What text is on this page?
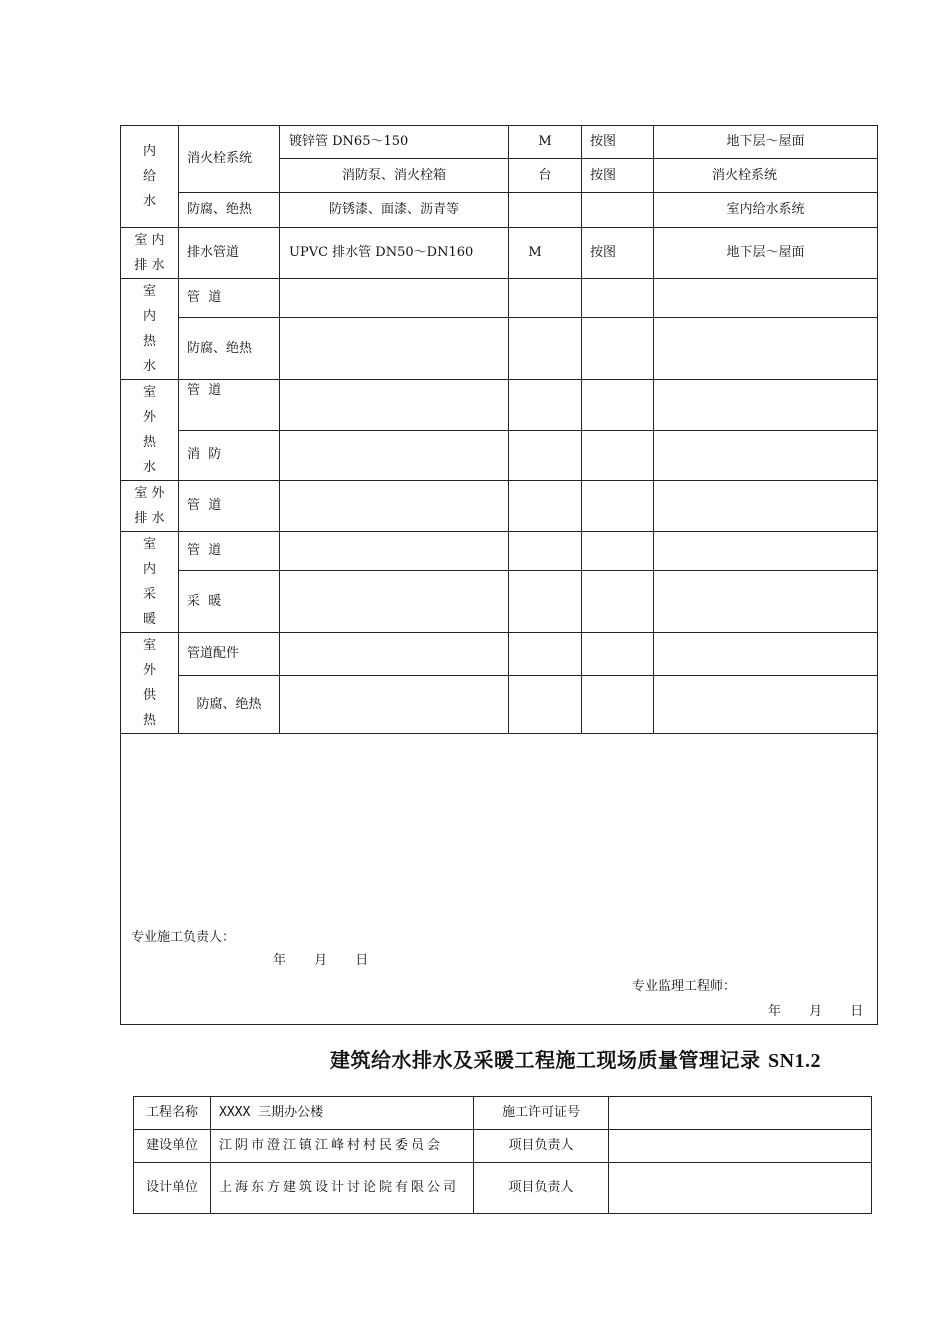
内
给
水	消火栓系统	镀锌管 DN65～150	M	按图	地下层～屋面
		消防泵、消火栓箱	台	按图	消火栓系统
	防腐、绝热	防锈漆、面漆、沥青等			室内给水系统
室 内
排 水	排水管道	UPVC 排水管 DN50～DN160	M	按图	地下层～屋面
室
内
热
水	管  道				
	防腐、绝热				
室
外
热
水	管  道				
	消  防				
室 外
排 水	管  道				
室
内
采
暖	管  道				
	采  暖				
室
外
供
热	管道配件				
	防腐、绝热				

专业施工负责人：
年 月 日
专业监理工程师：
年 月 日					
建筑给水排水及采暖工程施工现场质量管理记录 SN1.2
工程名称	XXXX 三期办公楼	施工许可证号	
建设单位	江阴市澄江镇江峰村村民委员会	项目负责人	
设计单位	上海东方建筑设计讨论院有限公司	项目负责人	
